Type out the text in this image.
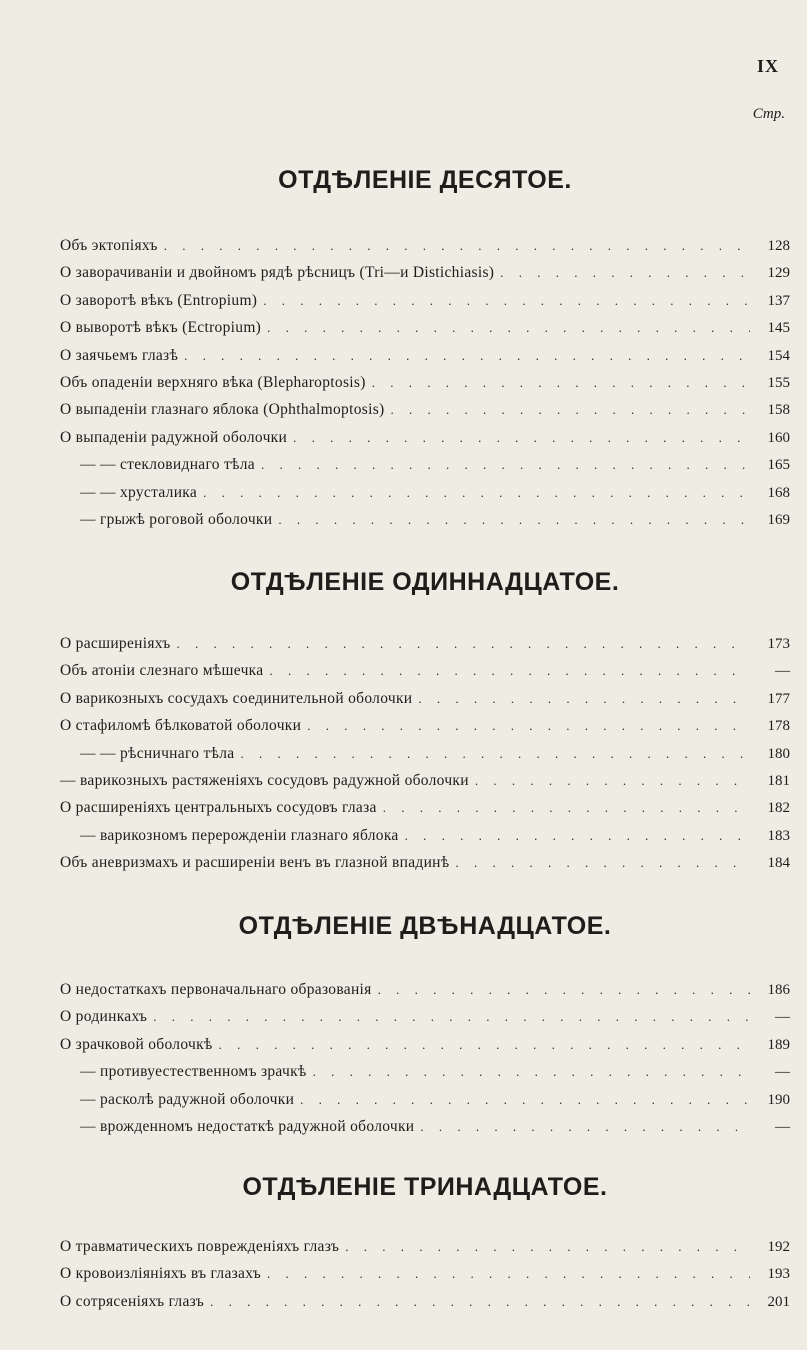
IX
Стр.
ОТДѢЛЕНІЕ ДЕСЯТОЕ.
Объ эктопіяхъ . . .	128
О заворачиваніи и двойномъ рядѣ рѣсницъ (Tri—и Distichiasis) . . .	129
О заворотѣ вѣкъ (Entropium) . . .	137
О выворотѣ вѣкъ (Ectropium) . . .	145
О заячьемъ глазѣ . . .	154
Объ опаденіи верхняго вѣка (Blepharoptosis) . . .	155
О выпаденіи глазнаго яблока (Ophthalmoptosis) . . .	158
О выпаденіи радужной оболочки . . .	160
— — стекловиднаго тѣла . . .	165
— — хрусталика . . .	168
— грыжѣ роговой оболочки . . .	169
ОТДѢЛЕНІЕ ОДИННАДЦАТОЕ.
О расширеніяхъ . . .	173
Объ атоніи слезнаго мѣшечка . . .	—
О варикозныхъ сосудахъ соединительной оболочки . . .	177
О стафиломѣ бѣлковатой оболочки . . .	178
— — рѣсничнаго тѣла . . .	180
— варикозныхъ растяженіяхъ сосудовъ радужной оболочки . . .	181
О расширеніяхъ центральныхъ сосудовъ глаза . . .	182
— варикозномъ перерожденіи глазнаго яблока . . .	183
Объ аневризмахъ и расширеніи венъ въ глазной впадинѣ . . .	184
ОТДѢЛЕНІЕ ДВѢНАДЦАТОЕ.
О недостаткахъ первоначальнаго образованія . . .	186
О родинкахъ . . .	—
О зрачковой оболочкѣ . . .	189
— противуестественномъ зрачкѣ . . .	—
— расколѣ радужной оболочки . . .	190
— врожденномъ недостаткѣ радужной оболочки . . .	—
ОТДѢЛЕНІЕ ТРИНАДЦАТОЕ.
О травматическихъ поврежденіяхъ глазъ . . .	192
О кровоизліяніяхъ въ глазахъ . . .	193
О сотрясеніяхъ глазъ . . .	201
